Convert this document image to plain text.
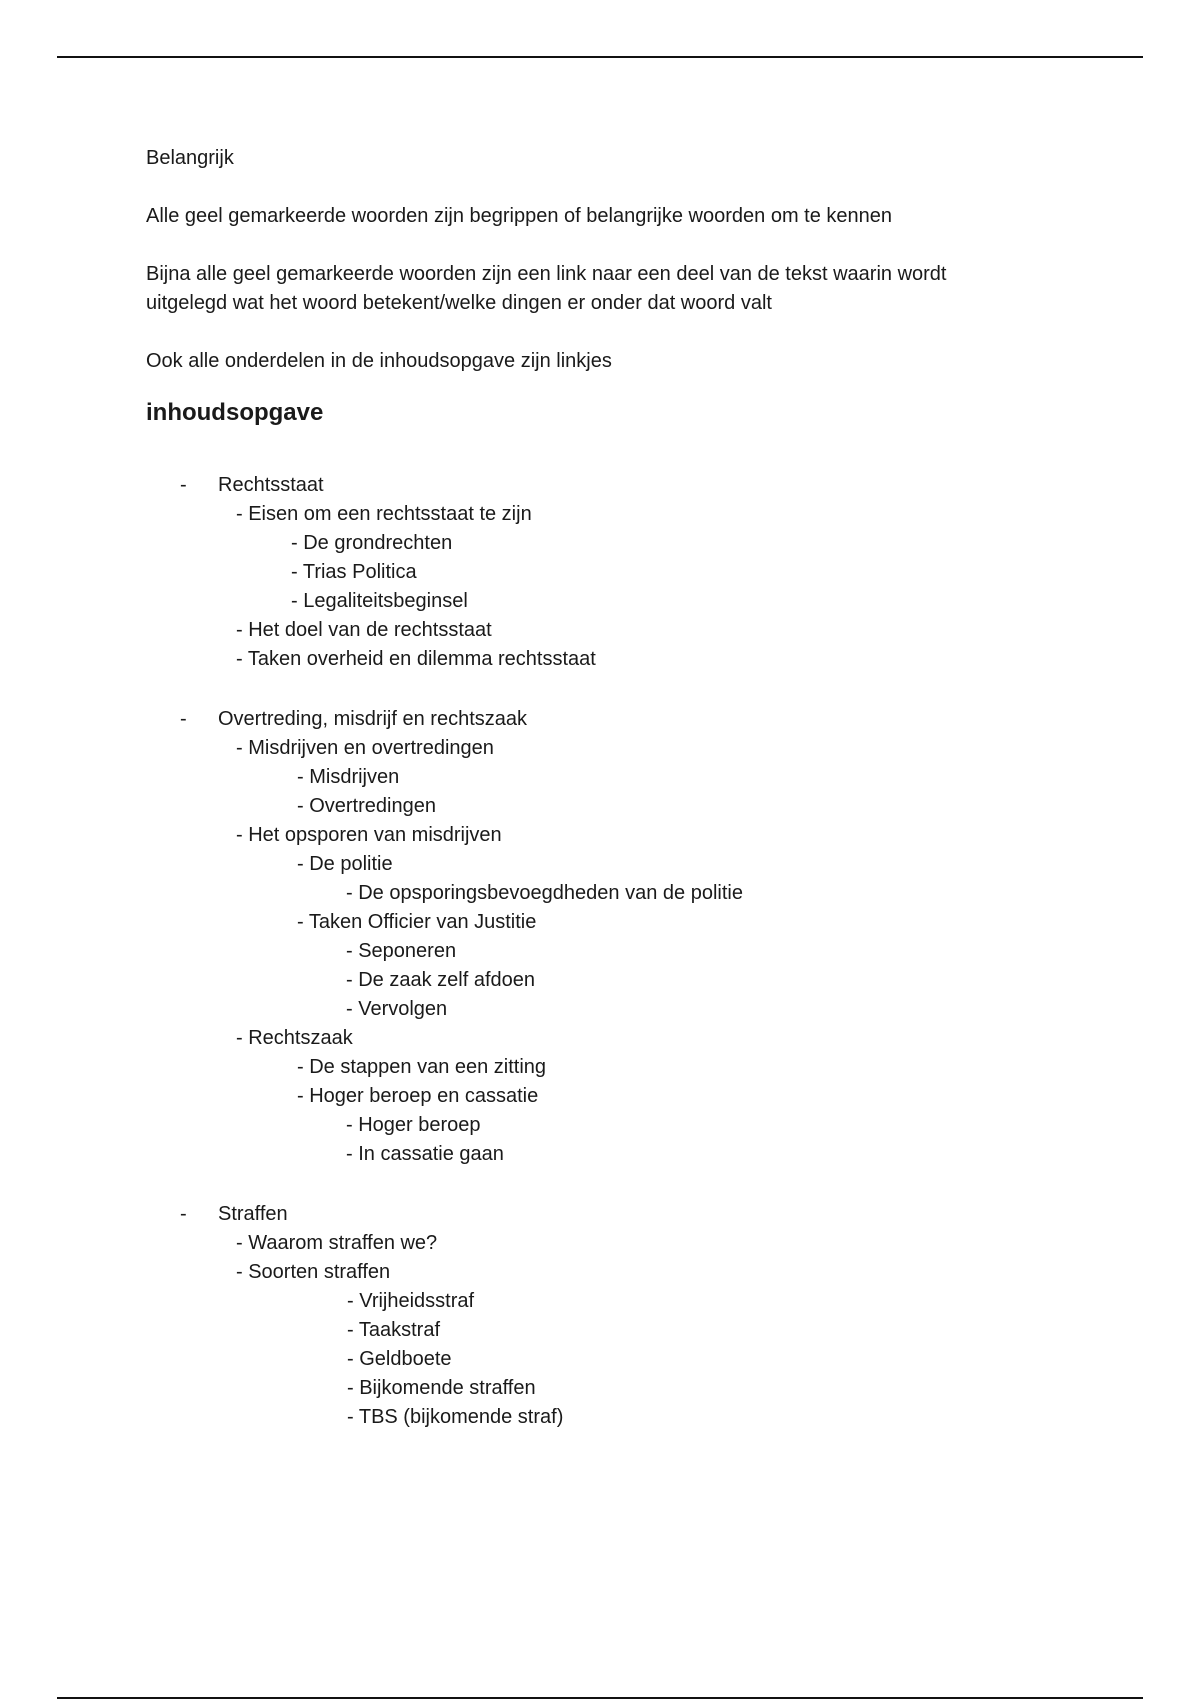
Belangrijk

Alle geel gemarkeerde woorden zijn begrippen of belangrijke woorden om te kennen

Bijna alle geel gemarkeerde woorden zijn een link naar een deel van de tekst waarin wordt
uitgelegd wat het woord betekent/welke dingen er onder dat woord valt

Ook alle onderdelen in de inhoudsopgave zijn linkjes

inhoudsopgave
- Rechtsstaat
- Eisen om een rechtsstaat te zijn
- De grondrechten
- Trias Politica
- Legaliteitsbeginsel
- Het doel van de rechtsstaat
- Taken overheid en dilemma rechtsstaat
- Overtreding, misdrijf en rechtszaak
- Misdrijven en overtredingen
- Misdrijven
- Overtredingen
- Het opsporen van misdrijven
- De politie
- De opsporingsbevoegdheden van de politie
- Taken Officier van Justitie
- Seponeren
- De zaak zelf afdoen
- Vervolgen
- Rechtszaak
- De stappen van een zitting
- Hoger beroep en cassatie
- Hoger beroep
- In cassatie gaan
- Straffen
- Waarom straffen we?
- Soorten straffen
- Vrijheidsstraf
- Taakstraf
- Geldboete
- Bijkomende straffen
- TBS (bijkomende straf)
